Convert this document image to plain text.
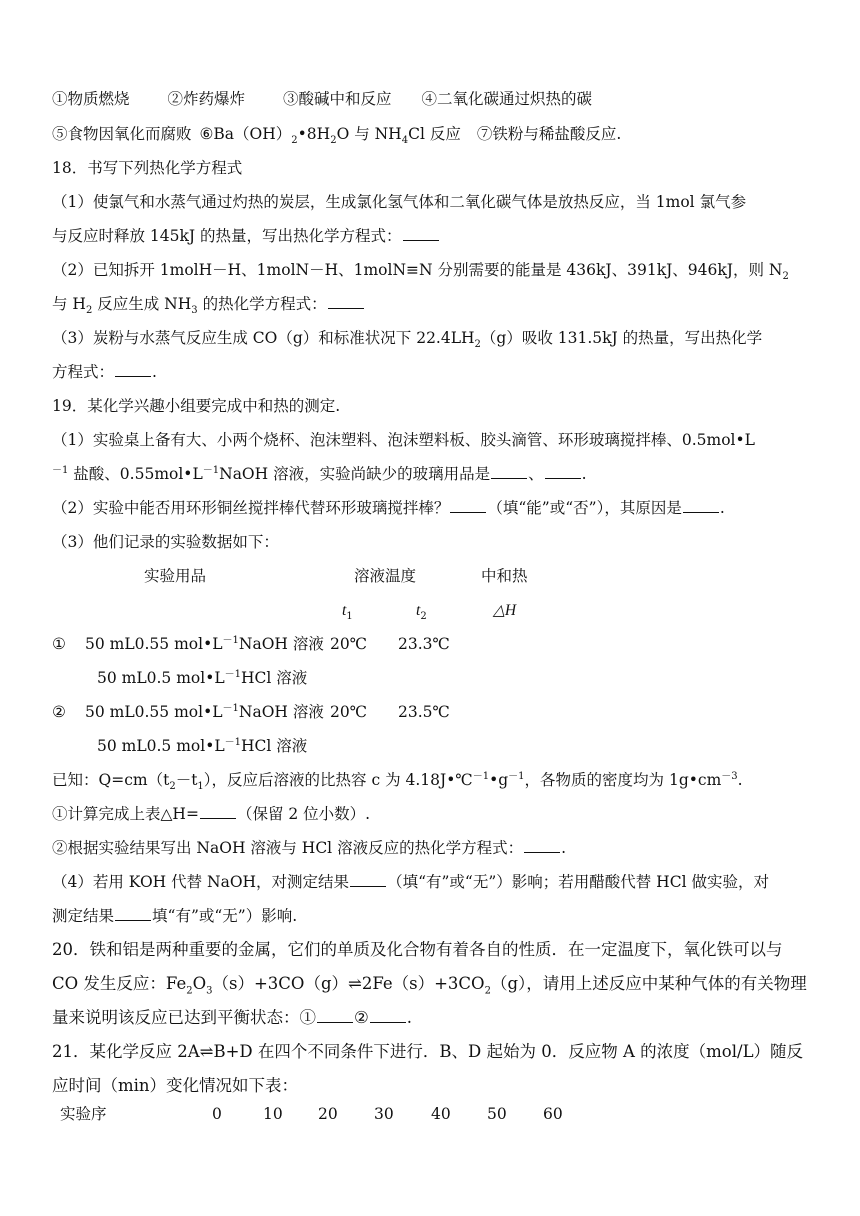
①物质燃烧 ②炸药爆炸 ③酸碱中和反应 ④二氧化碳通过炽热的碳
⑤食物因氧化而腐败 $⑥Ba(OH)_2•8H_2O$ 与 $NH_4Cl$ 反应 ⑦铁粉与稀盐酸反应.
18．书写下列热化学方程式
（1）使氯气和水蒸气通过灼热的炭层，生成氯化氢气体和二氧化碳气体是放热反应，当 1mol 氯气参
与反应时释放 145kJ 的热量，写出热化学方程式：
（2）已知拆开 1molH－H、1molN－H、1molN≡N 分别需要的能量是 436kJ、391kJ、946kJ，则 $N_2$
与 $H_2$ 反应生成 $NH_3$ 的热化学方程式：
（3）炭粉与水蒸气反应生成 CO（g）和标准状况下 $22.4LH_2(g)$吸收 131.5kJ 的热量，写出热化学
方程式： .
19．某化学兴趣小组要完成中和热的测定.
（1）实验桌上备有大、小两个烧杯、泡沫塑料、泡沫塑料板、胶头滴管、环形玻璃搅拌棒、0.5mol•L
$^{-1}$ 盐酸、$0.55mol•L^{-1}NaOH$ 溶液，实验尚缺少的玻璃用品是 、 .
（2）实验中能否用环形铜丝搅拌棒代替环形玻璃搅拌棒？ （填“能”或“否”），其原因是 .
（3）他们记录的实验数据如下：
实验用品	溶液温度	中和热
$t_1$	$t_2$	△H
① 50 mL0.55 $mol•L^{-1}NaOH$ 溶液 20℃ 23.3℃
50 mL0.5 $mol•L^{-1}HCl$ 溶液
② 50 mL0.55 $mol•L^{-1}NaOH$ 溶液 20℃ 23.5℃
50 mL0.5 $mol•L^{-1}HCl$ 溶液
已知：$Q=cm(t_2-t_1)$，反应后溶液的比热容 c 为 $4.18J•℃^{-1}•g^{-1}$，各物质的密度均为 $1g•cm^{-3}$.
①计算完成上表△H= （保留 2 位小数）.
②根据实验结果写出 NaOH 溶液与 HCl 溶液反应的热化学方程式： .
（4）若用 KOH 代替 NaOH，对测定结果 （填“有”或“无”）影响；若用醋酸代替 HCl 做实验，对
测定结果 填“有”或“无”）影响.
20．铁和铝是两种重要的金属，它们的单质及化合物有着各自的性质．在一定温度下，氧化铁可以与
CO 发生反应：$Fe_2O_3(s)+3CO(g)\rightleftharpoons 2Fe(s)+3CO_2(g)$，请用上述反应中某种气体的有关物理
量来说明该反应已达到平衡状态：① ② .
21．某化学反应 2A⇌B+D 在四个不同条件下进行．B、D 起始为 0．反应物 A 的浓度（mol/L）随反
应时间（min）变化情况如下表：
实验序	0	10 20 30 40 50 60
